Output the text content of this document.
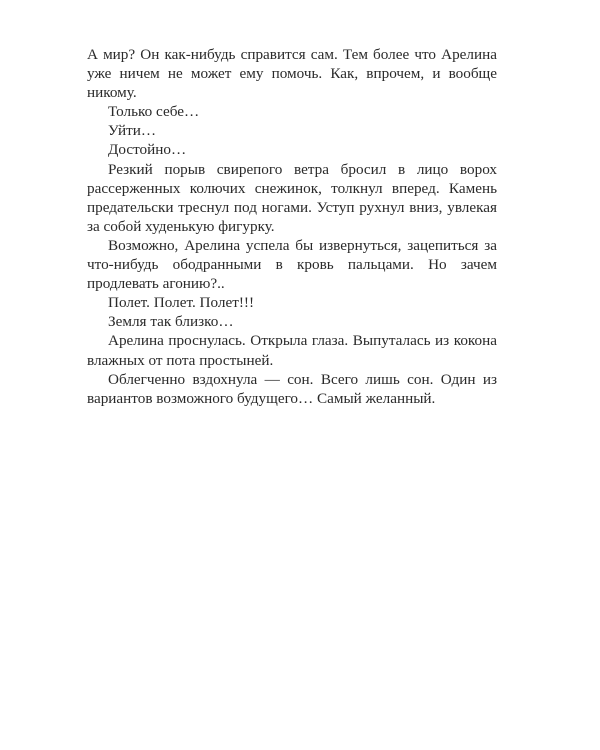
А мир? Он как-нибудь справится сам. Тем более что Арелина уже ничем не может ему помочь. Как, впрочем, и вообще никому.

Только себе…

Уйти…

Достойно…

Резкий порыв свирепого ветра бросил в лицо ворох рассерженных колючих снежинок, толкнул вперед. Камень предательски треснул под ногами. Уступ рухнул вниз, увлекая за собой худенькую фигурку.

Возможно, Арелина успела бы извернуться, зацепиться за что-нибудь ободранными в кровь пальцами. Но зачем продлевать агонию?..

Полет. Полет. Полет!!!

Земля так близко…

Арелина проснулась. Открыла глаза. Выпуталась из кокона влажных от пота простыней.

Облегченно вздохнула — сон. Всего лишь сон. Один из вариантов возможного будущего… Самый желанный.
